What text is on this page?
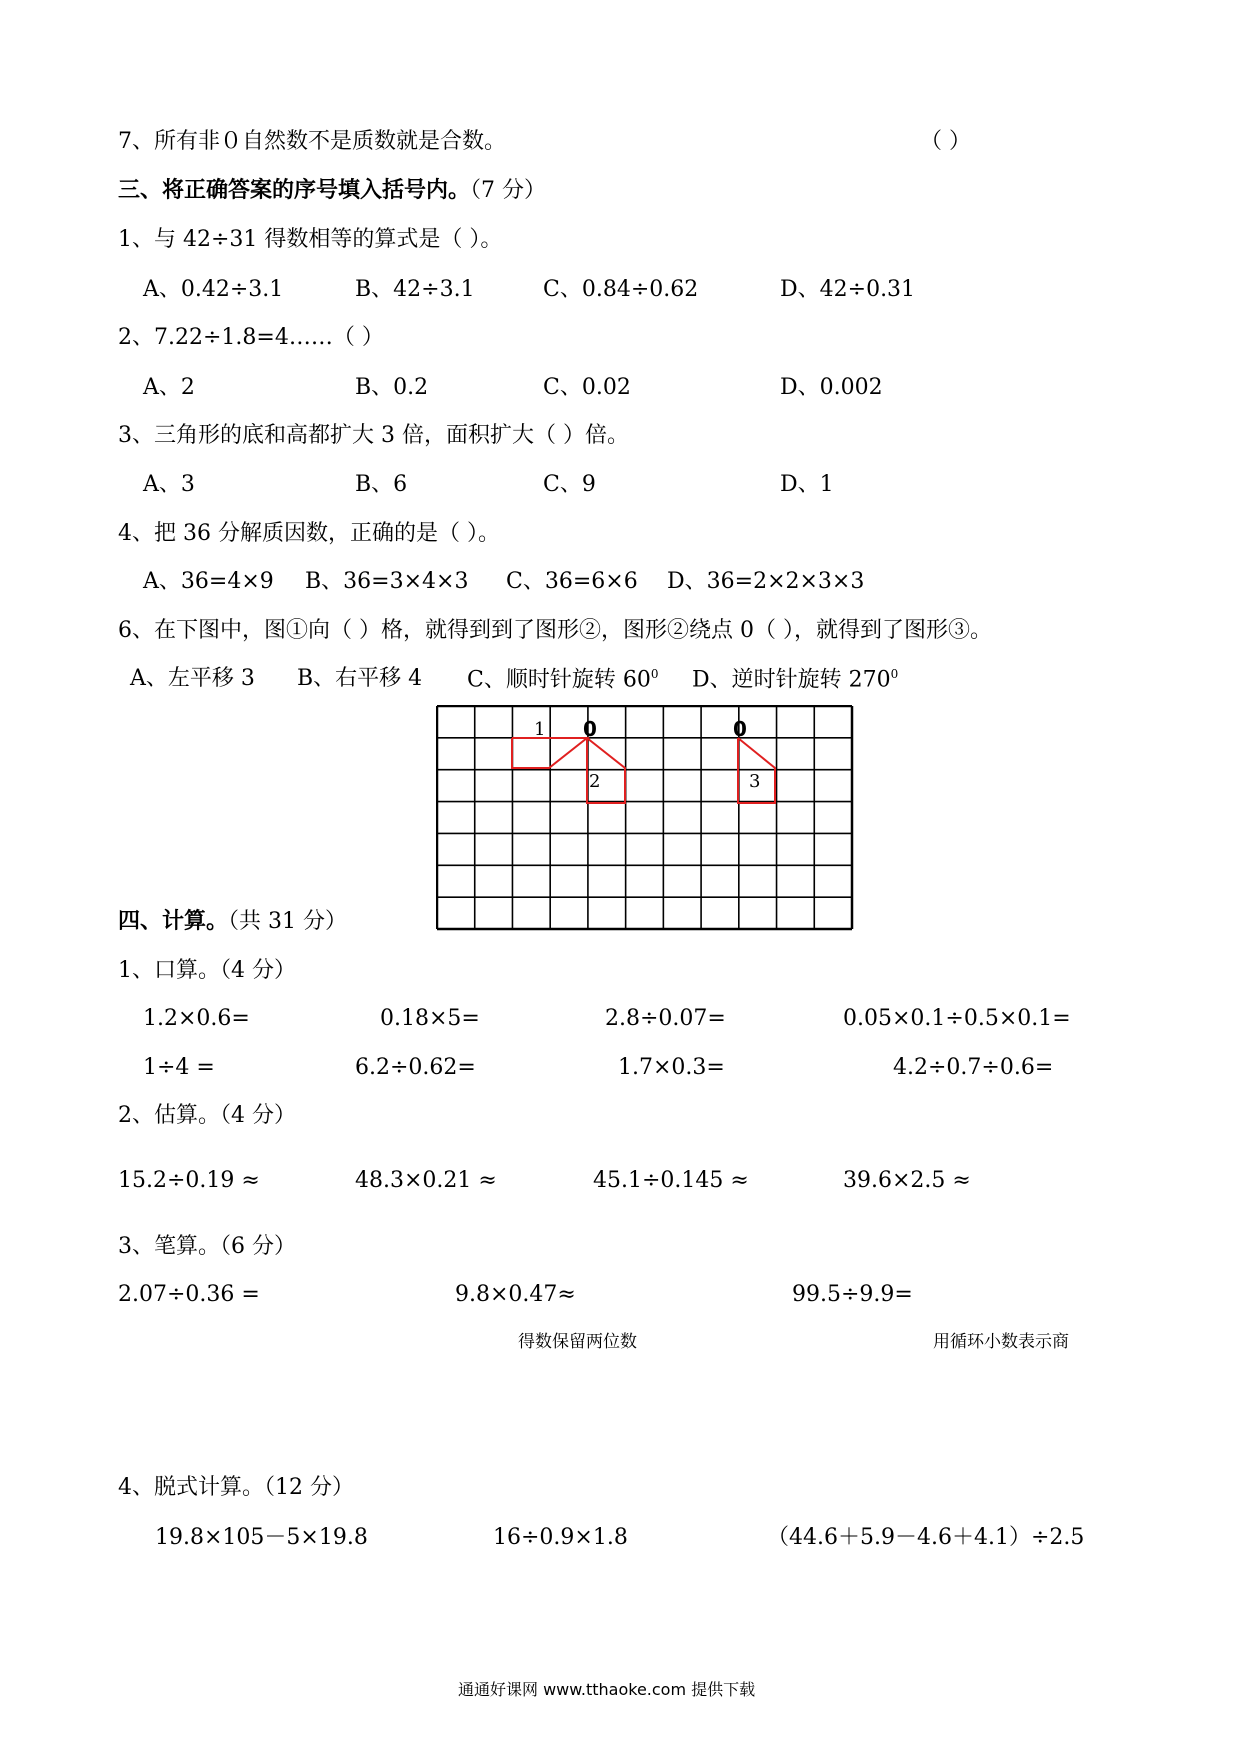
7、所有非０自然数不是质数就是合数。	（ ）
三、将正确答案的序号填入括号内。（7 分）
1、与 42÷31 得数相等的算式是（ ）。
A、0.42÷3.1	B、42÷3.1	C、0.84÷0.62	D、42÷0.31
2、7.22÷1.8=4……（ ）
A、2	B、0.2	C、0.02	D、0.002
3、三角形的底和高都扩大 3 倍，面积扩大（ ）倍。
A、3	B、6	C、9	D、1
4、把 36 分解质因数，正确的是（ ）。
A、36=4×9 B、36=3×4×3 C、36=6×6 D、36=2×2×3×3
6、在下图中，图①向（ ）格，就得到到了图形②，图形②绕点 0（ ），就得到了图形③。
A、左平移 3 B、右平移 4 C、顺时针旋转 $60^0$ D、逆时针旋转 $270^0$
1 0
2
0
3
四、计算。（共 31 分）
1、口算。（4 分）
1.2×0.6=	0.18×5=	2.8÷0.07=	0.05×0.1÷0.5×0.1=
1÷4 =	6.2÷0.62=	1.7×0.3=	4.2÷0.7÷0.6=
2、估算。（4 分）
15.2÷0.19 ≈	48.3×0.21 ≈	45.1÷0.145 ≈	39.6×2.5 ≈
3、笔算。（6 分）
2.07÷0.36 =	9.8×0.47≈	99.5÷9.9=
得数保留两位数	用循环小数表示商
4、脱式计算。（12 分）
19.8×105－5×19.8	16÷0.9×1.8	（44.6＋5.9－4.6＋4.1）÷2.5
通通好课网 www.tthaoke.com 提供下载
